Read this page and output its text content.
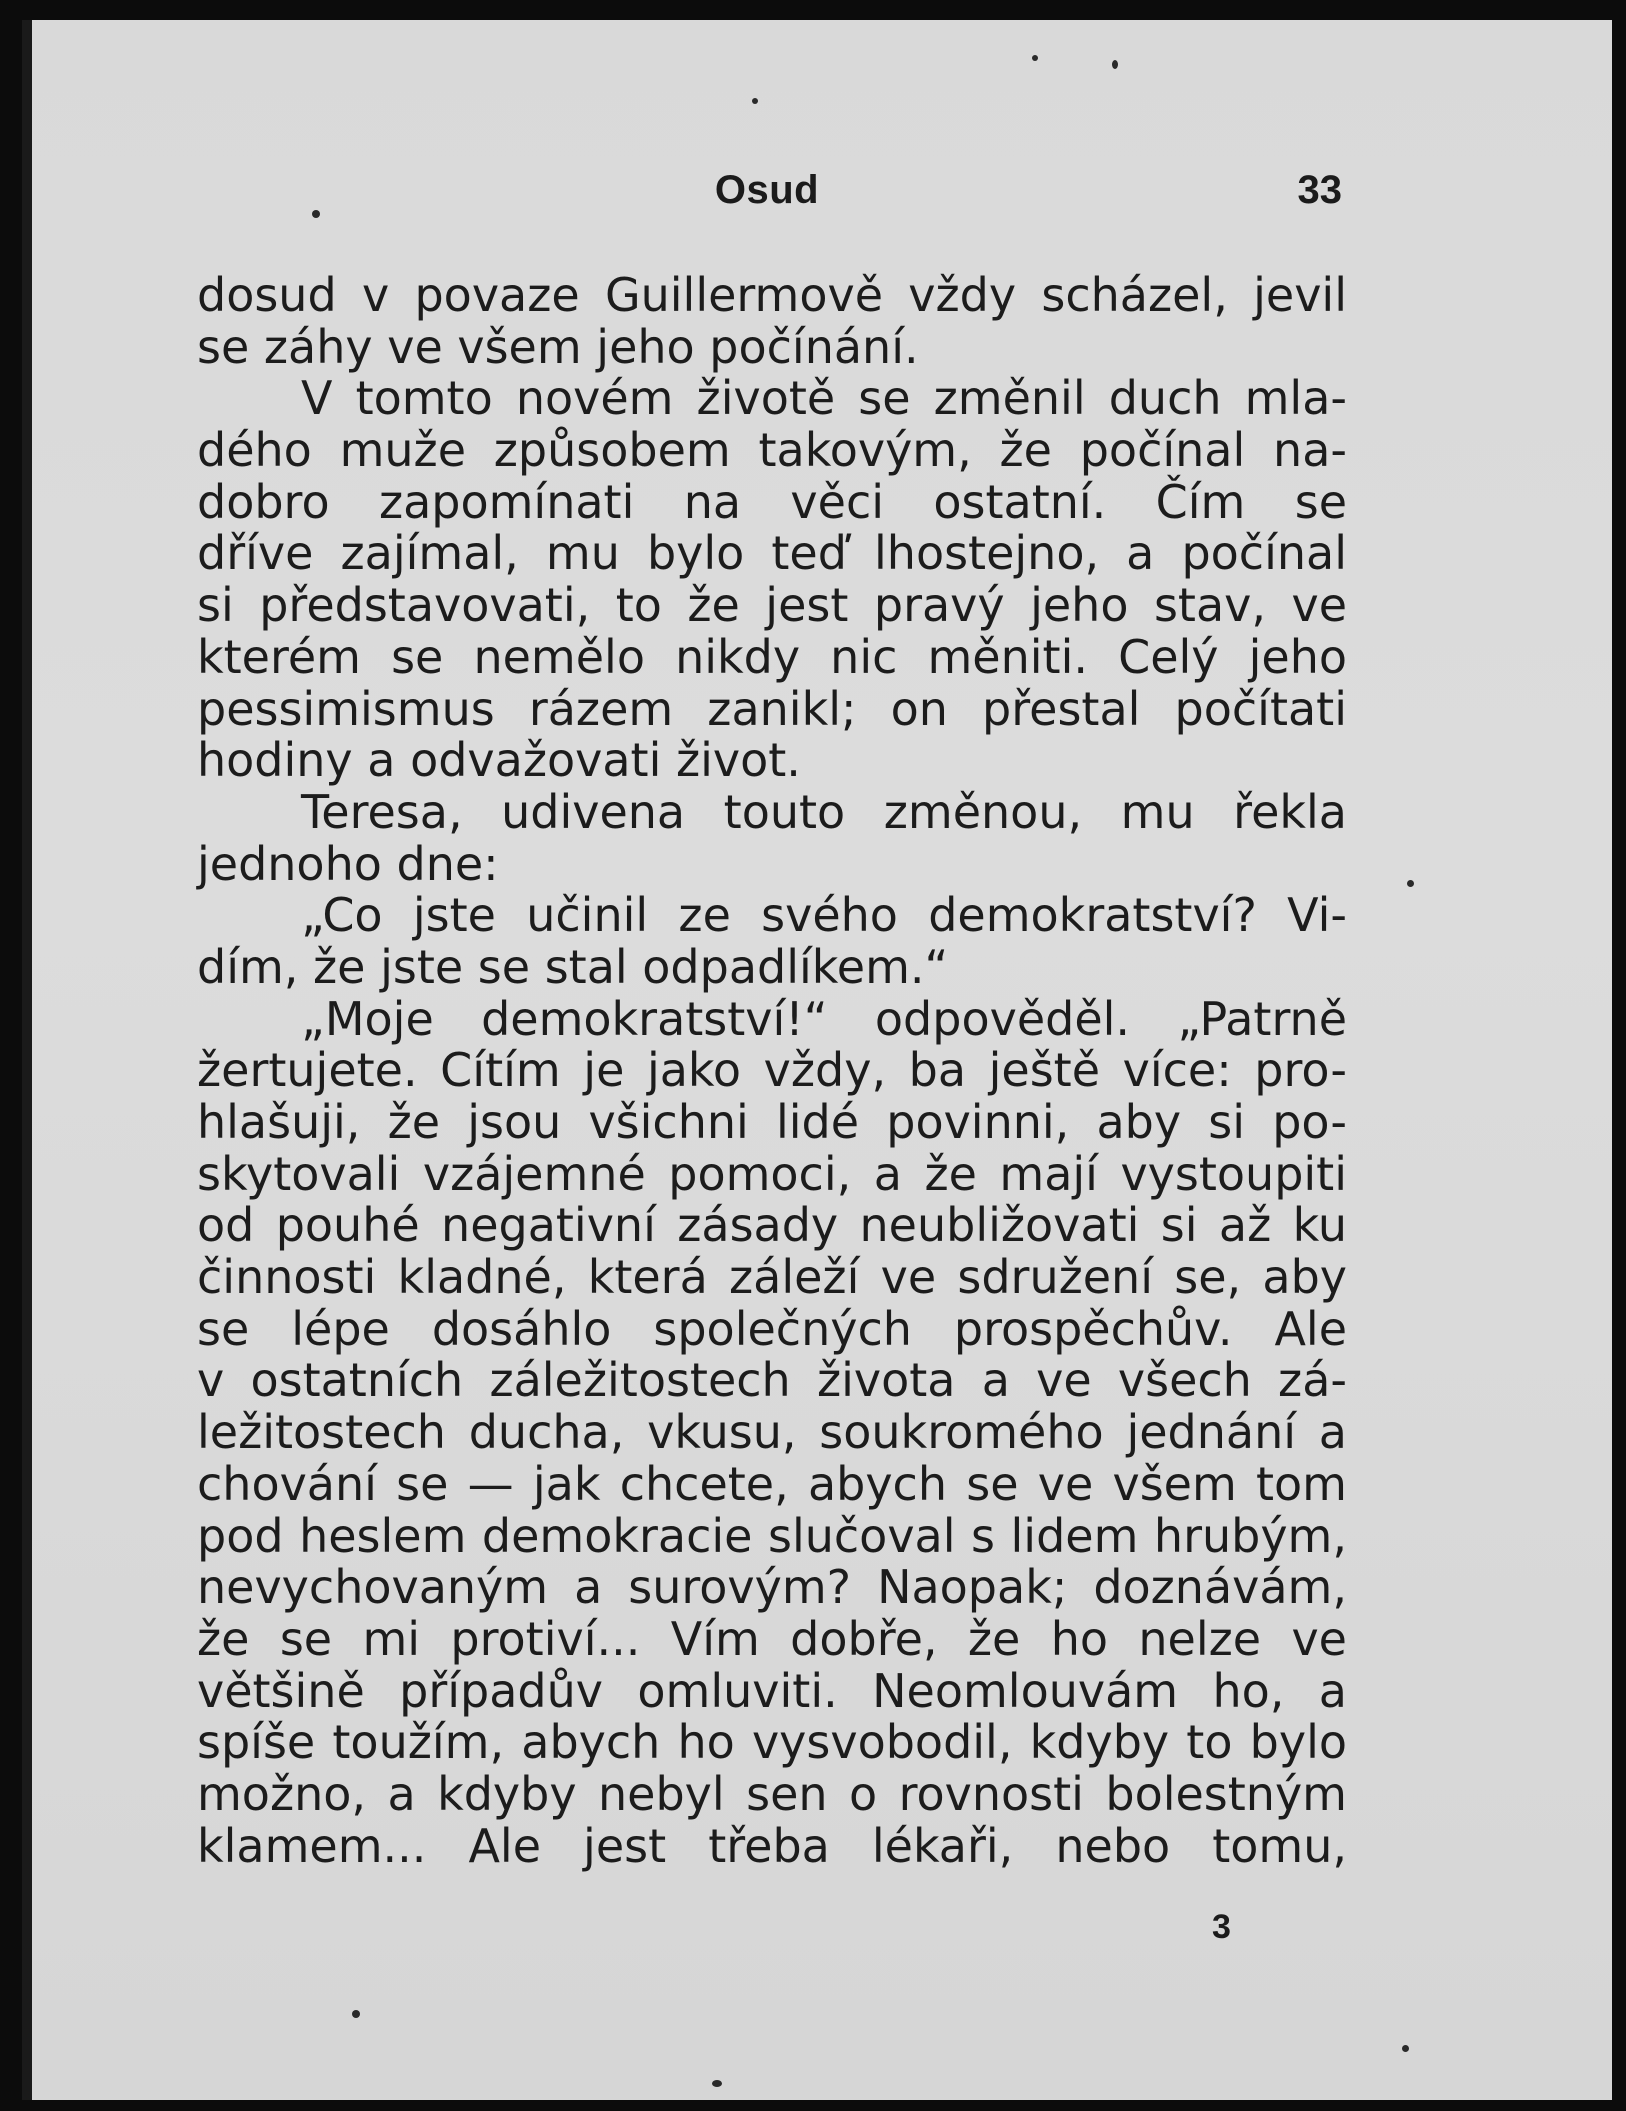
Osud	33
dosud v povaze Guillermově vždy scházel, jevil
se záhy ve všem jeho počínání.
V tomto novém životě se změnil duch mla-
dého muže způsobem takovým, že počínal na-
dobro zapomínati na věci ostatní. Čím se
dříve zajímal, mu bylo teď lhostejno, a počínal
si představovati, to že jest pravý jeho stav, ve
kterém se nemělo nikdy nic měniti. Celý jeho
pessimismus rázem zanikl; on přestal počítati
hodiny a odvažovati život.
Teresa, udivena touto změnou, mu řekla
jednoho dne:
„Co jste učinil ze svého demokratství? Vi-
dím, že jste se stal odpadlíkem.“
„Moje demokratství!“ odpověděl. „Patrně
žertujete. Cítím je jako vždy, ba ještě více: pro-
hlašuji, že jsou všichni lidé povinni, aby si po-
skytovali vzájemné pomoci, a že mají vystoupiti
od pouhé negativní zásady neubližovati si až ku
činnosti kladné, která záleží ve sdružení se, aby
se lépe dosáhlo společných prospěchův. Ale
v ostatních záležitostech života a ve všech zá-
ležitostech ducha, vkusu, soukromého jednání a
chování se — jak chcete, abych se ve všem tom
pod heslem demokracie slučoval s lidem hrubým,
nevychovaným a surovým? Naopak; doznávám,
že se mi protiví... Vím dobře, že ho nelze ve
většině případův omluviti. Neomlouvám ho, a
spíše toužím, abych ho vysvobodil, kdyby to bylo
možno, a kdyby nebyl sen o rovnosti bolestným
klamem... Ale jest třeba lékaři, nebo tomu,
3
